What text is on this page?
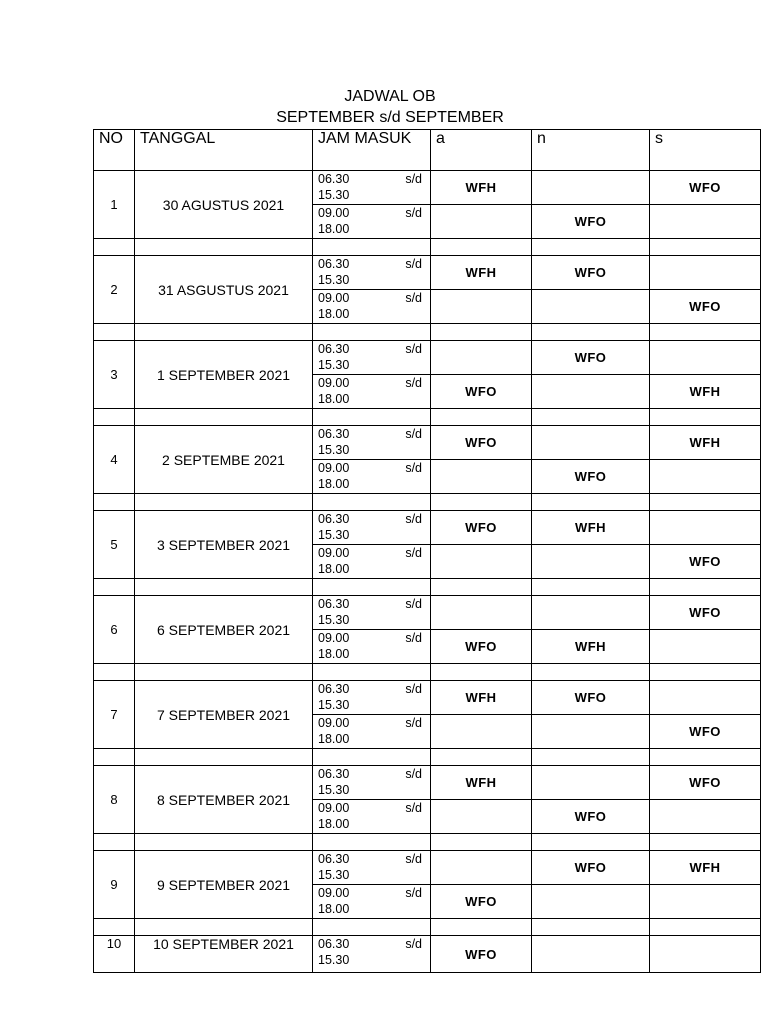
JADWAL OB
SEPTEMBER s/d SEPTEMBER
NO	TANGGAL	JAM MASUK	a	n	s
1	30 AGUSTUS 2021	06.30 s/d
15.30	WFH		WFO

		09.00 s/d
18.00		WFO	

2	31 ASGUSTUS 2021	06.30 s/d
15.30	WFH	WFO	

		09.00 s/d
18.00			WFO

3	1 SEPTEMBER 2021	06.30 s/d
15.30		WFO	

		09.00 s/d
18.00	WFO		WFH

4	2 SEPTEMBE 2021	06.30 s/d
15.30	WFO		WFH

		09.00 s/d
18.00		WFO	

5	3 SEPTEMBER 2021	06.30 s/d
15.30	WFO	WFH	

		09.00 s/d
18.00			WFO

6	6 SEPTEMBER 2021	06.30 s/d
15.30			WFO

		09.00 s/d
18.00	WFO	WFH	

7	7 SEPTEMBER 2021	06.30 s/d
15.30	WFH	WFO	

		09.00 s/d
18.00			WFO

8	8 SEPTEMBER 2021	06.30 s/d
15.30	WFH		WFO

		09.00 s/d
18.00		WFO	

9	9 SEPTEMBER 2021	06.30 s/d
15.30		WFO	WFH

		09.00 s/d
18.00	WFO		

10	10 SEPTEMBER 2021	06.30 s/d
15.30	WFO		
